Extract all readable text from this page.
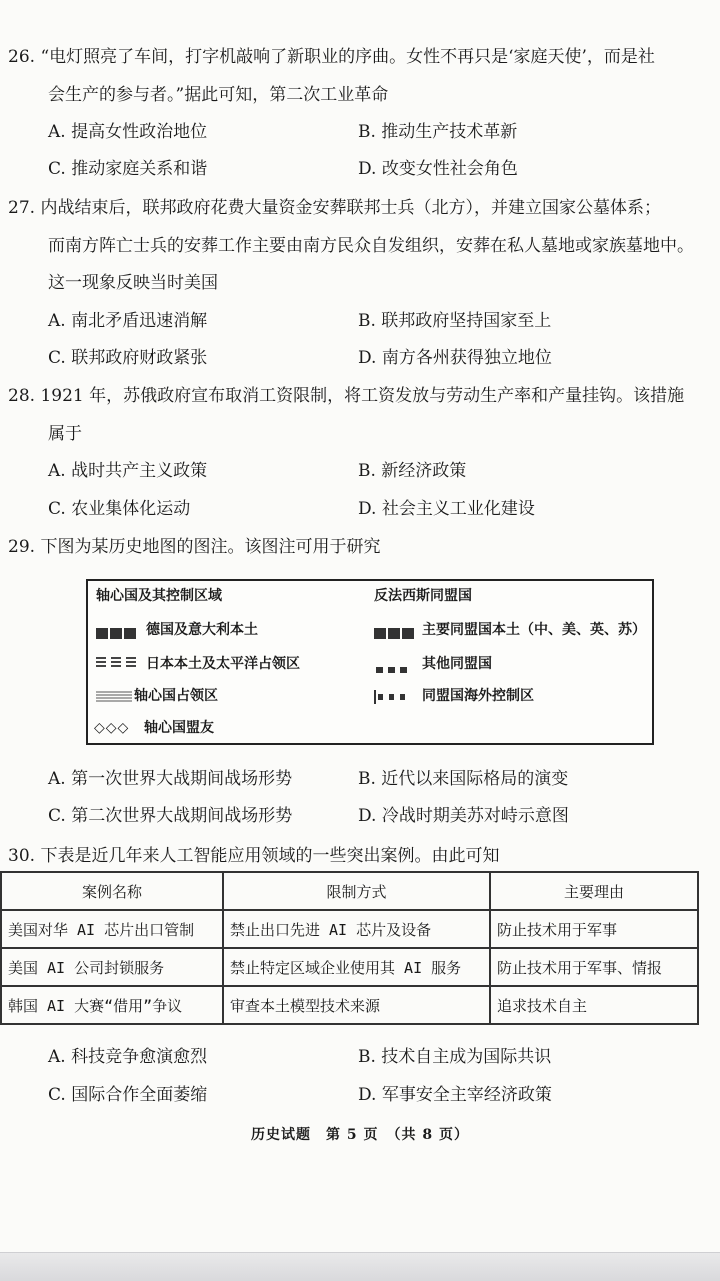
26. “电灯照亮了车间，打字机敲响了新职业的序曲。女性不再只是‘家庭天使’，而是社
会生产的参与者。”据此可知，第二次工业革命
A. 提高女性政治地位	B. 推动生产技术革新
C. 推动家庭关系和谐	D. 改变女性社会角色
27. 内战结束后，联邦政府花费大量资金安葬联邦士兵（北方），并建立国家公墓体系；
而南方阵亡士兵的安葬工作主要由南方民众自发组织，安葬在私人墓地或家族墓地中。
这一现象反映当时美国
A. 南北矛盾迅速消解	B. 联邦政府坚持国家至上
C. 联邦政府财政紧张	D. 南方各州获得独立地位
28. 1921 年，苏俄政府宣布取消工资限制，将工资发放与劳动生产率和产量挂钩。该措施
属于
A. 战时共产主义政策	B. 新经济政策
C. 农业集体化运动	D. 社会主义工业化建设
29. 下图为某历史地图的图注。该图注可用于研究
轴心国及其控制区域	反法西斯同盟国
德国及意大利本土
日本本土及太平洋占领区
轴心国占领区
◇◇◇ 轴心国盟友
主要同盟国本土（中、美、英、苏）
其他同盟国
同盟国海外控制区
A. 第一次世界大战期间战场形势	B. 近代以来国际格局的演变
C. 第二次世界大战期间战场形势	D. 冷战时期美苏对峙示意图
30. 下表是近几年来人工智能应用领域的一些突出案例。由此可知
案例名称	限制方式	主要理由
美国对华 AI 芯片出口管制	禁止出口先进 AI 芯片及设备	防止技术用于军事
美国 AI 公司封锁服务	禁止特定区域企业使用其 AI 服务	防止技术用于军事、情报
韩国 AI 大赛“借用”争议	审查本土模型技术来源	追求技术自主
A. 科技竞争愈演愈烈	B. 技术自主成为国际共识
C. 国际合作全面萎缩	D. 军事安全主宰经济政策
历史试题　第 5 页　（共 8 页）
